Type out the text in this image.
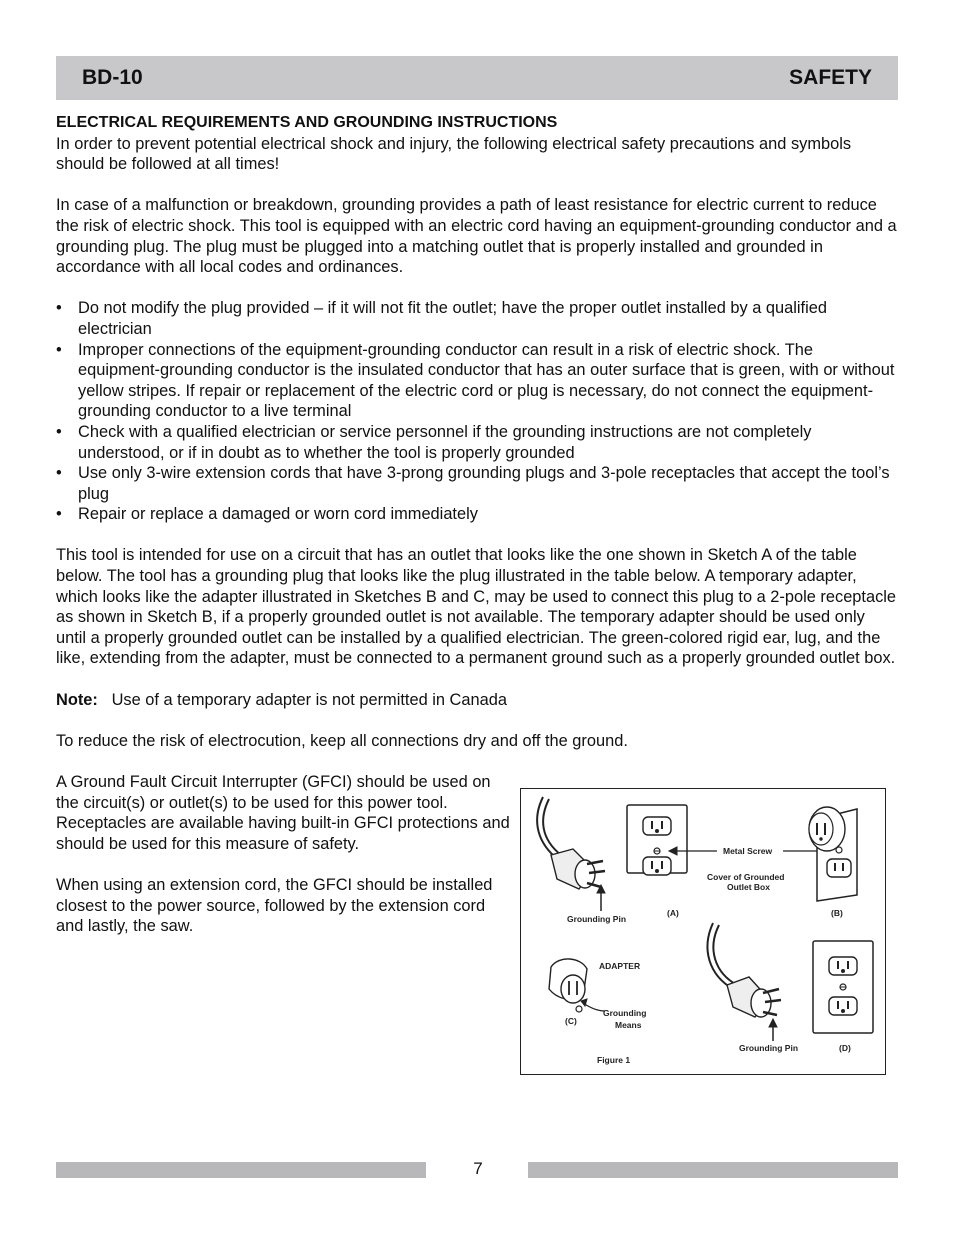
BD-10	SAFETY

ELECTRICAL REQUIREMENTS AND GROUNDING INSTRUCTIONS

In order to prevent potential electrical shock and injury, the following electrical safety precautions and symbols should be followed at all times!

In case of a malfunction or breakdown, grounding provides a path of least resistance for electric current to reduce the risk of electric shock. This tool is equipped with an electric cord having an equipment-grounding conductor and a grounding plug. The plug must be plugged into a matching outlet that is properly installed and grounded in accordance with all local codes and ordinances.

• Do not modify the plug provided – if it will not fit the outlet; have the proper outlet installed by a qualified electrician
• Improper connections of the equipment-grounding conductor can result in a risk of electric shock. The equipment-grounding conductor is the insulated conductor that has an outer surface that is green, with or without yellow stripes. If repair or replacement of the electric cord or plug is necessary, do not connect the equipment-grounding conductor to a live terminal
• Check with a qualified electrician or service personnel if the grounding instructions are not completely understood, or if in doubt as to whether the tool is properly grounded
• Use only 3-wire extension cords that have 3-prong grounding plugs and 3-pole receptacles that accept the tool’s plug
• Repair or replace a damaged or worn cord immediately

This tool is intended for use on a circuit that has an outlet that looks like the one shown in Sketch A of the table below. The tool has a grounding plug that looks like the plug illustrated in the table below. A temporary adapter, which looks like the adapter illustrated in Sketches B and C, may be used to connect this plug to a 2-pole receptacle as shown in Sketch B, if a properly grounded outlet is not available. The temporary adapter should be used only until a properly grounded outlet can be installed by a qualified electrician. The green-colored rigid ear, lug, and the like, extending from the adapter, must be connected to a permanent ground such as a properly grounded outlet box.

Note: Use of a temporary adapter is not permitted in Canada

To reduce the risk of electrocution, keep all connections dry and off the ground.

A Ground Fault Circuit Interrupter (GFCI) should be used on the circuit(s) or outlet(s) to be used for this power tool. Receptacles are available having built-in GFCI protections and should be used for this measure of safety.

When using an extension cord, the GFCI should be installed closest to the power source, followed by the extension cord and lastly, the saw.	Grounding Pin
(A)
Metal Screw
Cover of Grounded
Outlet Box
(B)
ADAPTER
Grounding
Means
(C)
Grounding Pin	(D)
Figure 1
7
